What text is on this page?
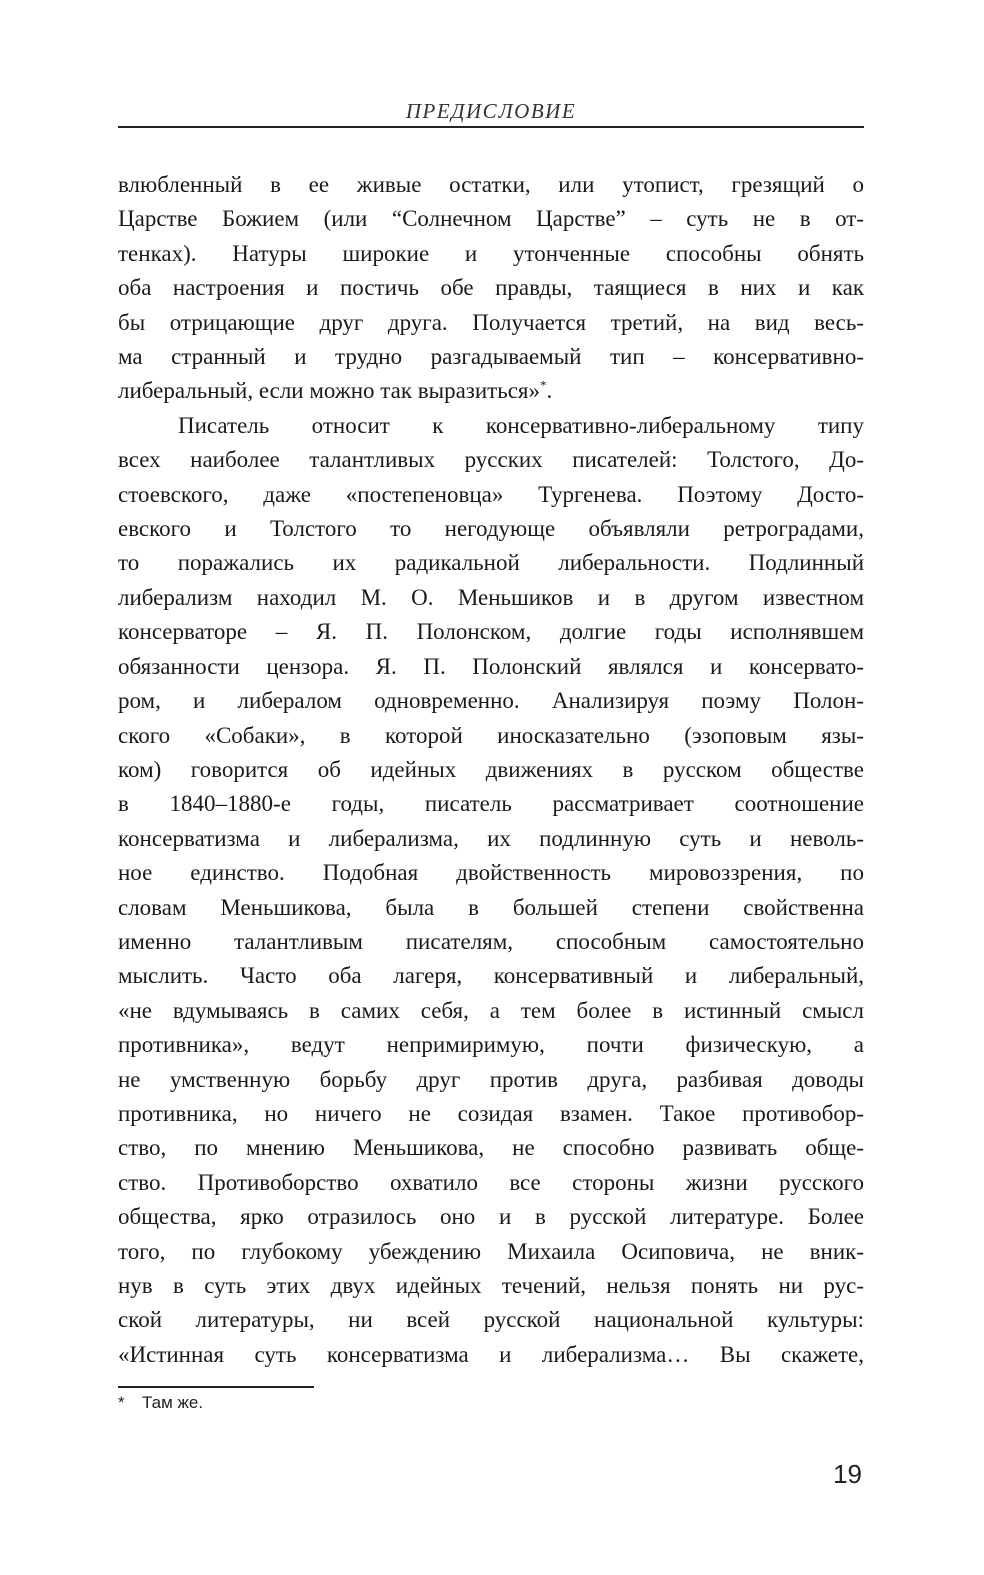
ПРЕДИСЛОВИЕ
влюбленный в ее живые остатки, или утопист, грезящий о
Царстве Божием (или “Солнечном Царстве” – суть не в от-
тенках). Натуры широкие и утонченные способны обнять
оба настроения и постичь обе правды, таящиеся в них и как
бы отрицающие друг друга. Получается третий, на вид весь-
ма странный и трудно разгадываемый тип – консервативно-
либеральный, если можно так выразиться»*.
Писатель относит к консервативно-либеральному типу
всех наиболее талантливых русских писателей: Толстого, До-
стоевского, даже «постепеновца» Тургенева. Поэтому Досто-
евского и Толстого то негодующе объявляли ретроградами,
то поражались их радикальной либеральности. Подлинный
либерализм находил М. О. Меньшиков и в другом известном
консерваторе – Я. П. Полонском, долгие годы исполнявшем
обязанности цензора. Я. П. Полонский являлся и консервато-
ром, и либералом одновременно. Анализируя поэму Полон-
ского «Собаки», в которой иносказательно (эзоповым язы-
ком) говорится об идейных движениях в русском обществе
в 1840–1880-е годы, писатель рассматривает соотношение
консерватизма и либерализма, их подлинную суть и неволь-
ное единство. Подобная двойственность мировоззрения, по
словам Меньшикова, была в большей степени свойственна
именно талантливым писателям, способным самостоятельно
мыслить. Часто оба лагеря, консервативный и либеральный,
«не вдумываясь в самих себя, а тем более в истинный смысл
противника», ведут непримиримую, почти физическую, а
не умственную борьбу друг против друга, разбивая доводы
противника, но ничего не созидая взамен. Такое противобор-
ство, по мнению Меньшикова, не способно развивать обще-
ство. Противоборство охватило все стороны жизни русского
общества, ярко отразилось оно и в русской литературе. Более
того, по глубокому убеждению Михаила Осиповича, не вник-
нув в суть этих двух идейных течений, нельзя понять ни рус-
ской литературы, ни всей русской национальной культуры:
«Истинная суть консерватизма и либерализма… Вы скажете,
* Там же.
19
